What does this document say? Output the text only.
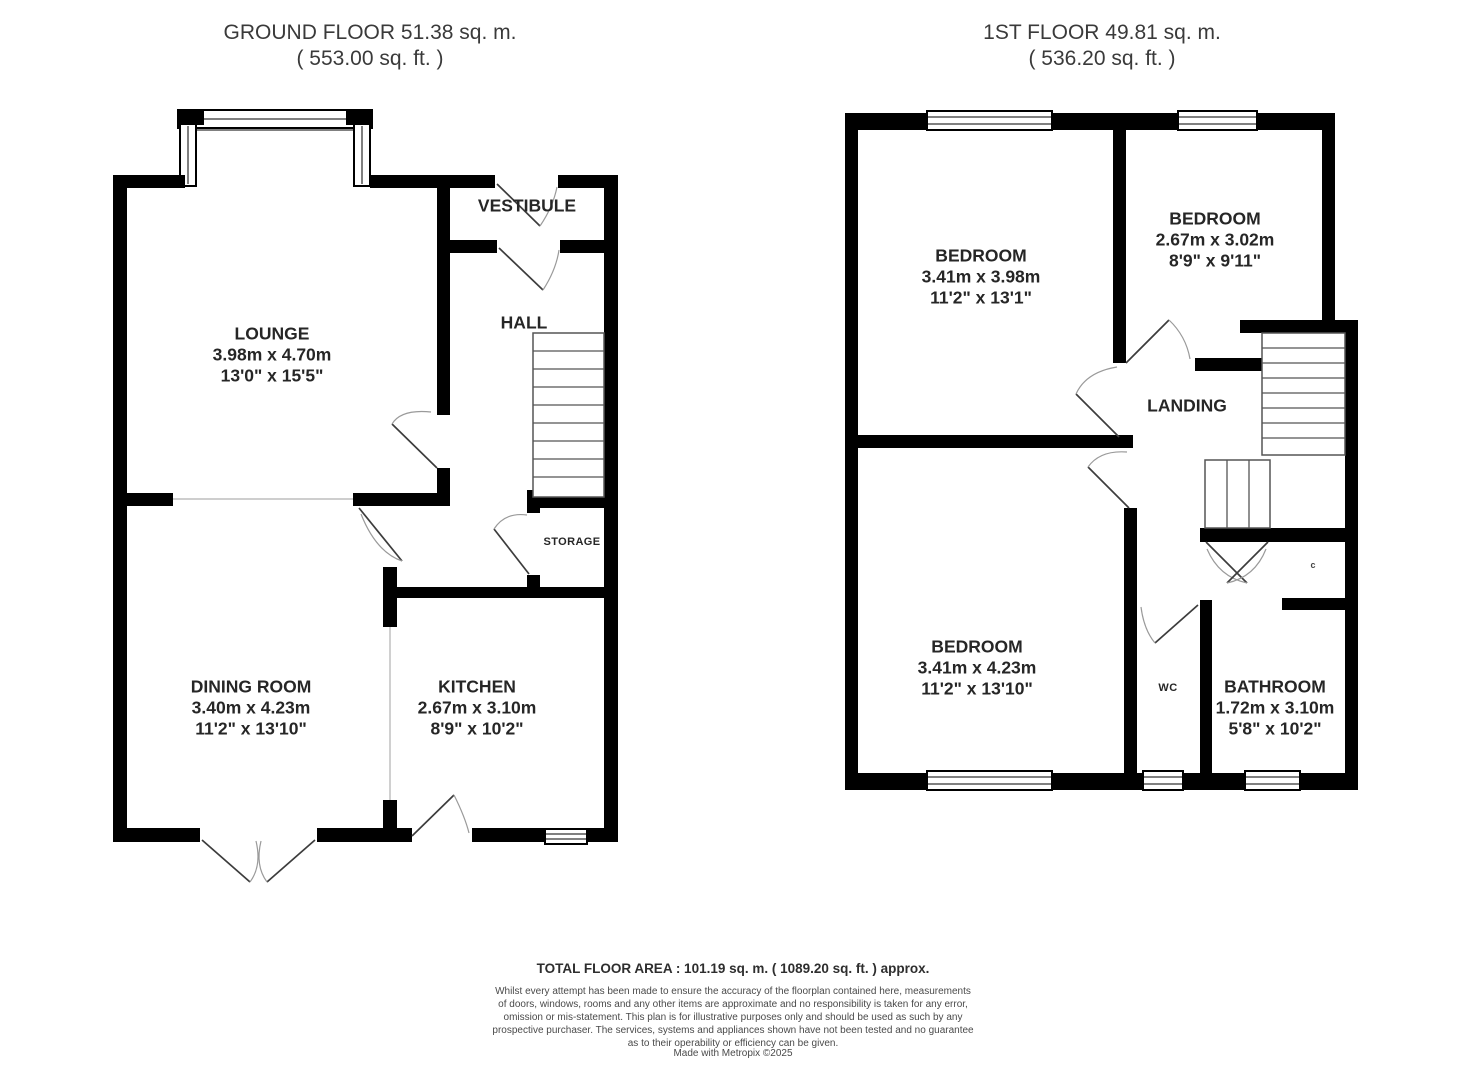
GROUND FLOOR 51.38 sq. m.
( 553.00 sq. ft. )
1ST FLOOR 49.81 sq. m.
( 536.20 sq. ft. )
LOUNGE
3.98m x 4.70m
13'0" x 15'5"
VESTIBULE
HALL
STORAGE
DINING ROOM
3.40m x 4.23m
11'2" x 13'10"
KITCHEN
2.67m x 3.10m
8'9" x 10'2"
BEDROOM
3.41m x 3.98m
11'2" x 13'1"
BEDROOM
2.67m x 3.02m
8'9" x 9'11"
LANDING
BEDROOM
3.41m x 4.23m
11'2" x 13'10"	WC	BATHROOM
1.72m x 3.10m
5'8" x 10'2"
c
TOTAL FLOOR AREA : 101.19 sq. m. ( 1089.20 sq. ft. ) approx.
Whilst every attempt has been made to ensure the accuracy of the floorplan contained here, measurements
of doors, windows, rooms and any other items are approximate and no responsibility is taken for any error,
omission or mis-statement. This plan is for illustrative purposes only and should be used as such by any
prospective purchaser. The services, systems and appliances shown have not been tested and no guarantee
as to their operability or efficiency can be given.
Made with Metropix ©2025
